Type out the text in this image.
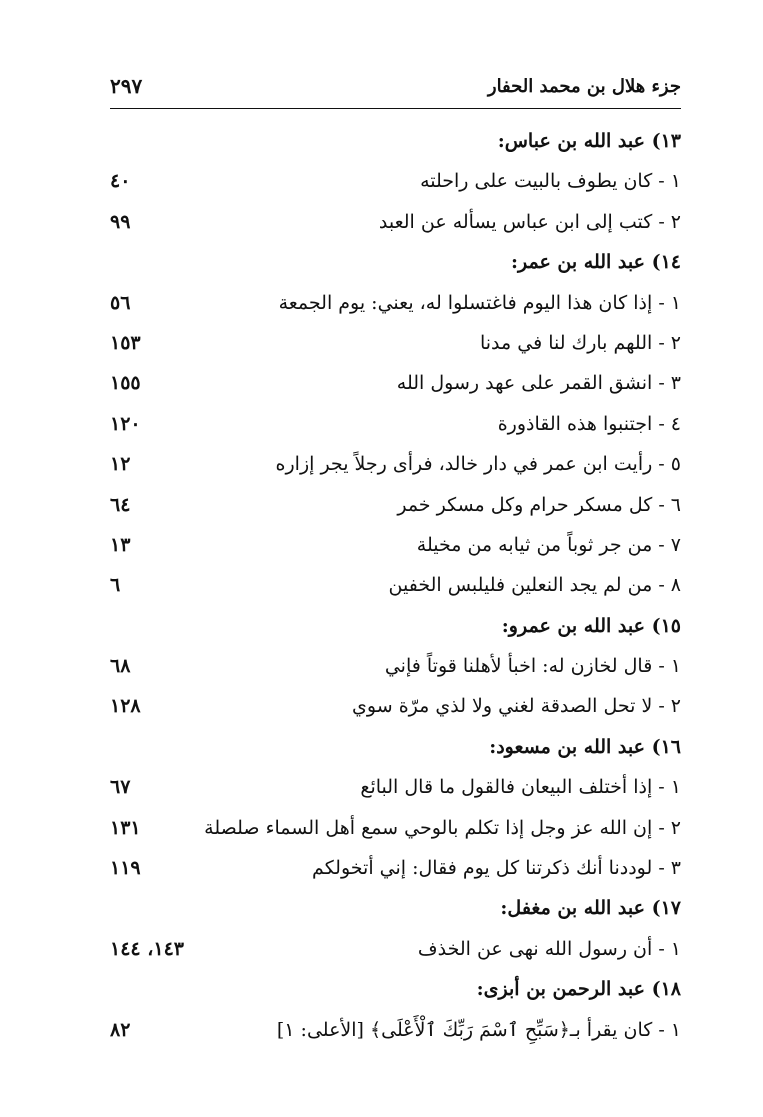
جزء هلال بن محمد الحفار
٢٩٧
١٣) عبد الله بن عباس:
١ - كان يطوف بالبيت على راحلته
٤٠
٢ - كتب إلى ابن عباس يسأله عن العبد
٩٩
١٤) عبد الله بن عمر:
١ - إذا كان هذا اليوم فاغتسلوا له، يعني: يوم الجمعة
٥٦
٢ - اللهم بارك لنا في مدنا
١٥٣
٣ - انشق القمر على عهد رسول الله
١٥٥
٤ - اجتنبوا هذه القاذورة
١٢٠
٥ - رأيت ابن عمر في دار خالد، فرأى رجلاً يجر إزاره
١٢
٦ - كل مسكر حرام وكل مسكر خمر
٦٤
٧ - من جر ثوباً من ثيابه من مخيلة
١٣
٨ - من لم يجد النعلين فليلبس الخفين
٦
١٥) عبد الله بن عمرو:
١ - قال لخازن له: اخبأ لأهلنا قوتاً فإني
٦٨
٢ - لا تحل الصدقة لغني ولا لذي مرّة سوي
١٢٨
١٦) عبد الله بن مسعود:
١ - إذا أختلف البيعان فالقول ما قال البائع
٦٧
٢ - إن الله عز وجل إذا تكلم بالوحي سمع أهل السماء صلصلة
١٣١
٣ - لوددنا أنك ذكرتنا كل يوم فقال: إني أتخولكم
١١٩
١٧) عبد الله بن مغفل:
١ - أن رسول الله نهى عن الخذف
١٤٣، ١٤٤
١٨) عبد الرحمن بن أبزى:
١ - كان يقرأ بـ﴿سَبِّحِ ٱسْمَ رَبِّكَ ٱلْأَعْلَى﴾ [الأعلى: ١]
٨٢
